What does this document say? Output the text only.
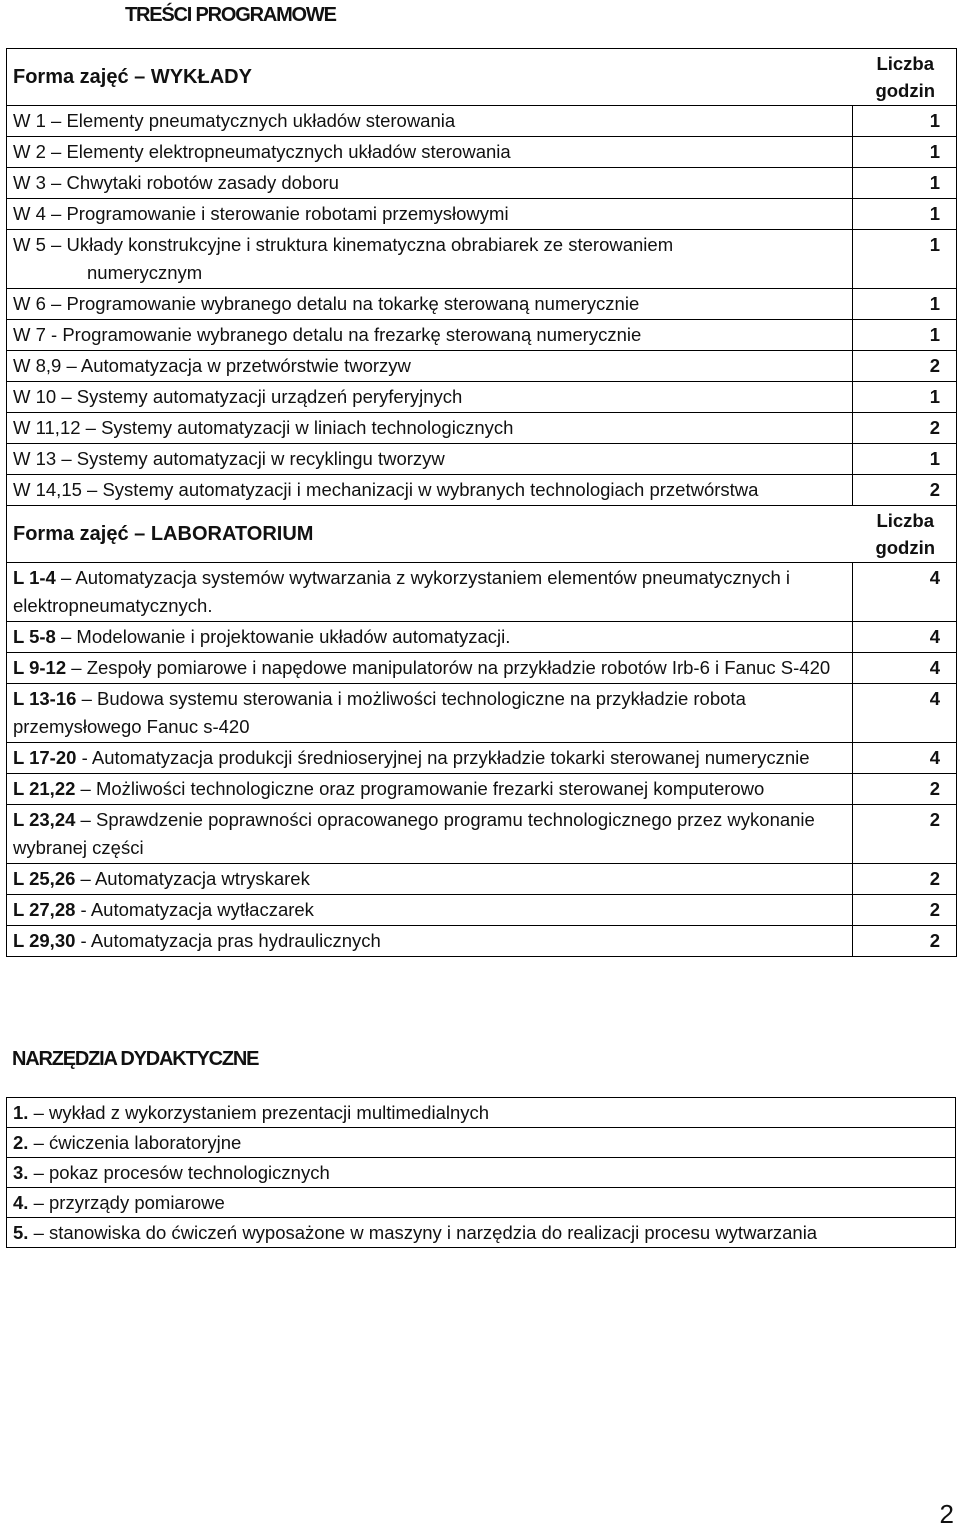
TREŚCI PROGRAMOWE
Forma zajęć – WYKŁADY	Liczba
godzin
W 1 – Elementy pneumatycznych układów sterowania	1
W 2 – Elementy elektropneumatycznych układów sterowania	1
W 3 – Chwytaki robotów zasady doboru	1
W 4 – Programowanie i sterowanie robotami przemysłowymi	1
W 5 – Układy konstrukcyjne i struktura kinematyczna obrabiarek ze sterowaniem
numerycznym	1
W 6 – Programowanie wybranego detalu na tokarkę sterowaną numerycznie	1
W 7 - Programowanie wybranego detalu na frezarkę sterowaną numerycznie	1
W 8,9 – Automatyzacja w przetwórstwie tworzyw	2
W 10 – Systemy automatyzacji urządzeń peryferyjnych	1
W 11,12 – Systemy automatyzacji w liniach technologicznych	2
W 13 – Systemy automatyzacji w recyklingu tworzyw	1
W 14,15 – Systemy automatyzacji i mechanizacji w wybranych technologiach przetwórstwa	2
Forma zajęć – LABORATORIUM	Liczba
godzin
L 1-4 – Automatyzacja systemów wytwarzania z wykorzystaniem elementów pneumatycznych i elektropneumatycznych.	4
L 5-8 – Modelowanie i projektowanie układów automatyzacji.	4
L 9-12 – Zespoły pomiarowe i napędowe manipulatorów na przykładzie robotów Irb-6 i Fanuc S-420	4
L 13-16 – Budowa systemu sterowania i możliwości technologiczne na przykładzie robota przemysłowego Fanuc s-420	4
L 17-20 - Automatyzacja produkcji średnioseryjnej na przykładzie tokarki sterowanej numerycznie	4
L 21,22 – Możliwości technologiczne oraz programowanie frezarki sterowanej komputerowo	2
L 23,24 – Sprawdzenie poprawności opracowanego programu technologicznego przez wykonanie wybranej części	2
L 25,26 – Automatyzacja wtryskarek	2
L 27,28 - Automatyzacja wytłaczarek	2
L 29,30 - Automatyzacja pras hydraulicznych	2
NARZĘDZIA DYDAKTYCZNE
1. – wykład z wykorzystaniem prezentacji multimedialnych
2. – ćwiczenia laboratoryjne
3. – pokaz procesów technologicznych
4. – przyrządy pomiarowe
5. – stanowiska do ćwiczeń wyposażone w maszyny i narzędzia do realizacji procesu wytwarzania
2
